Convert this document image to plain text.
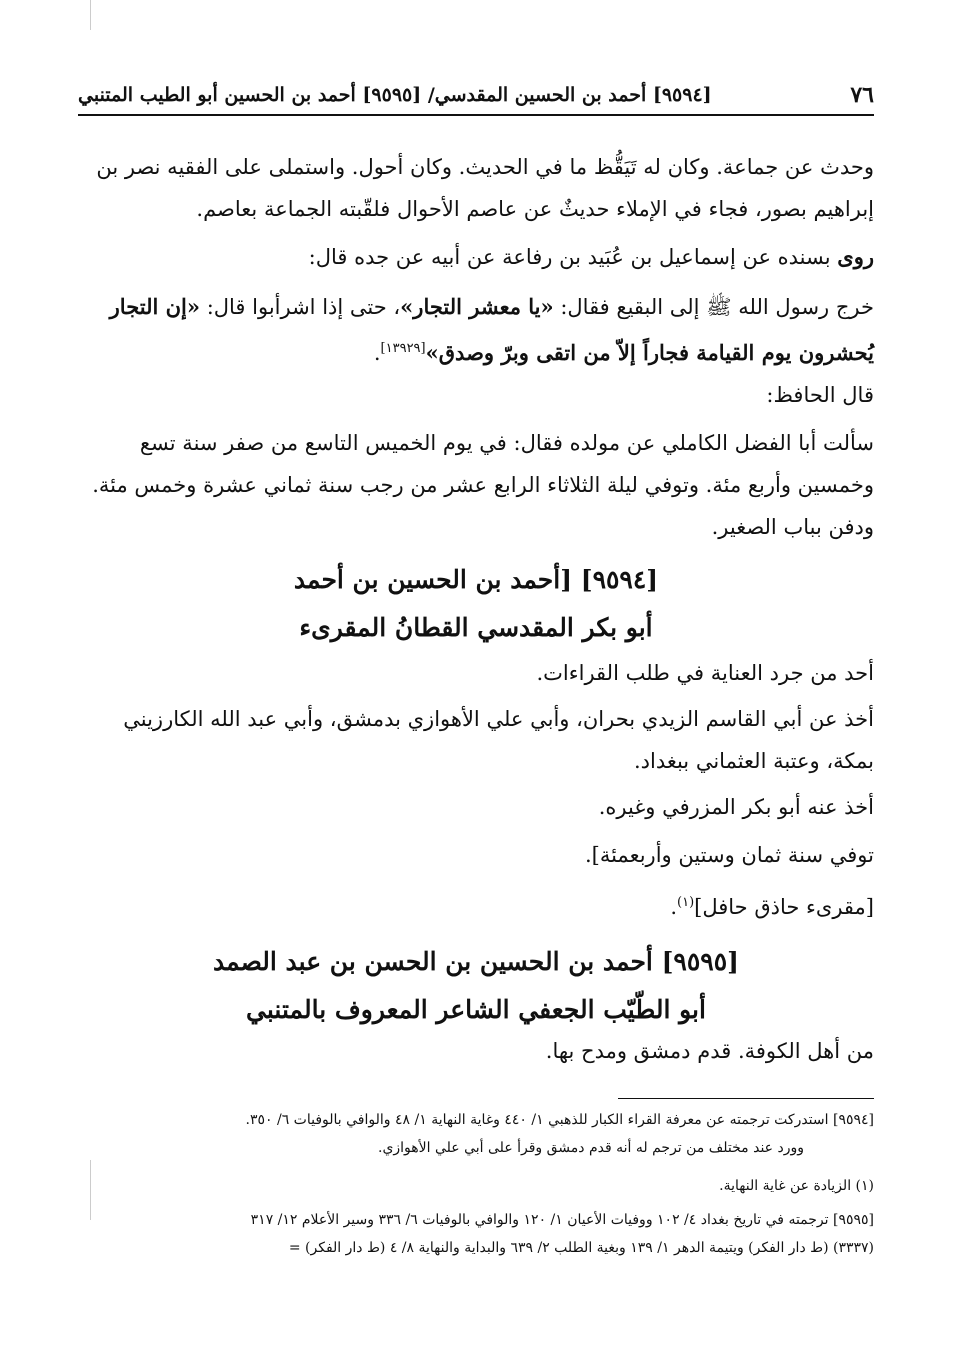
٧٦
[٩٥٩٤] أحمد بن الحسين المقدسي/ [٩٥٩٥] أحمد بن الحسين أبو الطيب المتنبي
وحدث عن جماعة. وكان له تَيَقُّظ ما في الحديث. وكان أحول. واستملى على الفقيه نصر بن إبراهيم بصور، فجاء في الإملاء حديثٌ عن عاصم الأحوال فلقّبته الجماعة بعاصم.
روى بسنده عن إسماعيل بن عُبَيد بن رفاعة عن أبيه عن جده قال:
خرج رسول الله ﷺ إلى البقيع فقال: «يا معشر التجار»، حتى إذا اشرأبوا قال: «إن التجار يُحشرون يوم القيامة فجاراً إلاّ من اتقى وبرّ وصدق»[١٣٩٢٩].
قال الحافظ:
سألت أبا الفضل الكاملي عن مولده فقال: في يوم الخميس التاسع من صفر سنة تسع وخمسين وأربع مئة. وتوفي ليلة الثلاثاء الرابع عشر من رجب سنة ثماني عشرة وخمس مئة. ودفن بباب الصغير.
[٩٥٩٤] [أحمد بن الحسين بن أحمد
أبو بكر المقدسي القطانُ المقرىء
أحد من جرد العناية في طلب القراءات.
أخذ عن أبي القاسم الزيدي بحران، وأبي علي الأهوازي بدمشق، وأبي عبد الله الكارزيني بمكة، وعتبة العثماني ببغداد.
أخذ عنه أبو بكر المزرفي وغيره.
توفي سنة ثمان وستين وأربعمئة].
[مقرىء حاذق حافل]$^{(١)}$.
[٩٥٩٥] أحمد بن الحسين بن الحسن بن عبد الصمد
أبو الطّيّب الجعفي الشاعر المعروف بالمتنبي
من أهل الكوفة. قدم دمشق ومدح بها.
[٩٥٩٤] استدركت ترجمته عن معرفة القراء الكبار للذهبي ١/ ٤٤٠ وغاية النهاية ١/ ٤٨ والوافي بالوفيات ٦/ ٣٥٠.
وورد عند مختلف من ترجم له أنه قدم دمشق وقرأ على أبي علي الأهوازي.
(١) الزيادة عن غاية النهاية.
[٩٥٩٥] ترجمته في تاريخ بغداد ٤/ ١٠٢ ووفيات الأعيان ١/ ١٢٠ والوافي بالوفيات ٦/ ٣٣٦ وسير الأعلام ١٢/ ٣١٧
(٣٣٣٧) (ط دار الفكر) ويتيمة الدهر ١/ ١٣٩ وبغية الطلب ٢/ ٦٣٩ والبداية والنهاية ٨/ ٤ (ط دار الفكر) =
